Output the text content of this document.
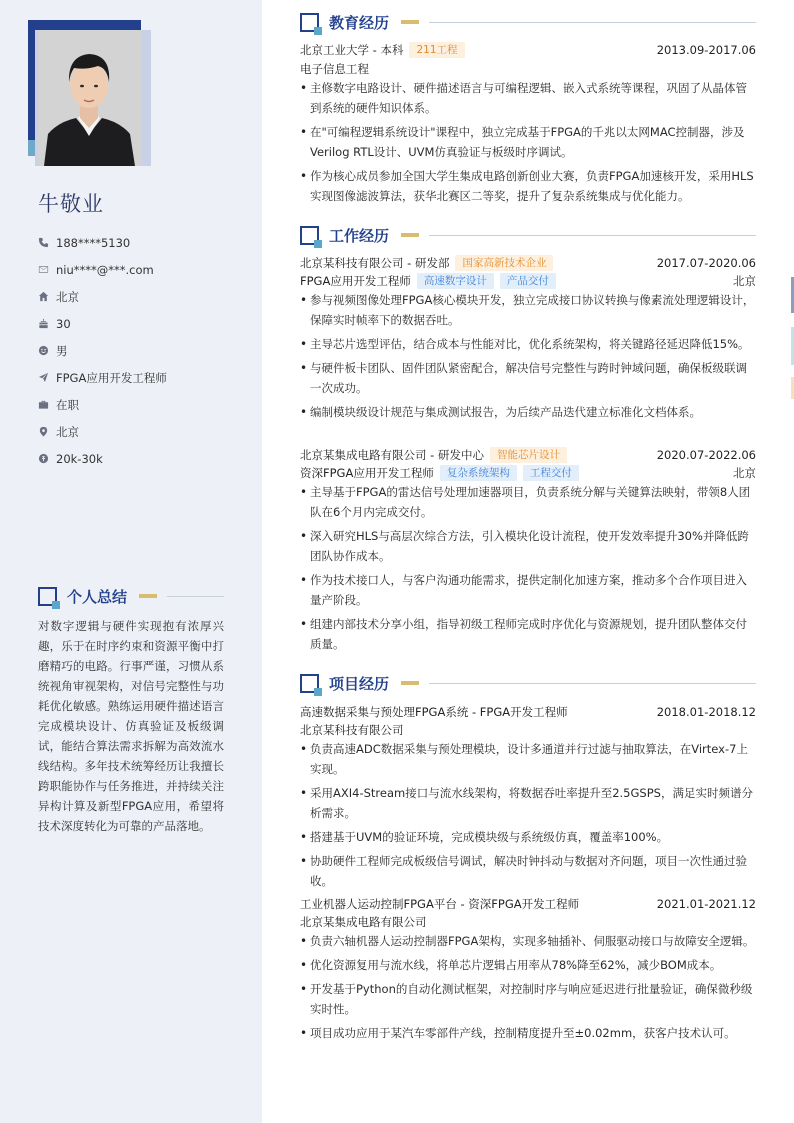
牛敬业
188****5130
niu****@***.com
北京
30
男
FPGA应用开发工程师
在职
北京
20k-30k
个人总结

对数字逻辑与硬件实现抱有浓厚兴趣，乐于在时序约束和资源平衡中打磨精巧的电路。行事严谨，习惯从系统视角审视架构，对信号完整性与功耗优化敏感。熟练运用硬件描述语言完成模块设计、仿真验证及板级调试，能结合算法需求拆解为高效流水线结构。多年技术统筹经历让我擅长跨职能协作与任务推进，并持续关注异构计算及新型FPGA应用，希望将技术深度转化为可靠的产品落地。

教育经历
北京工业大学 - 本科	211工程	2013.09-2017.06
电子信息工程
• 主修数字电路设计、硬件描述语言与可编程逻辑、嵌入式系统等课程，巩固了从晶体管到系统的硬件知识体系。
• 在"可编程逻辑系统设计"课程中，独立完成基于FPGA的千兆以太网MAC控制器，涉及Verilog RTL设计、UVM仿真验证与板级时序调试。
• 作为核心成员参加全国大学生集成电路创新创业大赛，负责FPGA加速核开发，采用HLS实现图像滤波算法，获华北赛区二等奖，提升了复杂系统集成与优化能力。
工作经历
北京某科技有限公司 - 研发部	国家高新技术企业	2017.07-2020.06
FPGA应用开发工程师	高速数字设计	产品交付	北京
• 参与视频图像处理FPGA核心模块开发，独立完成接口协议转换与像素流处理逻辑设计，保障实时帧率下的数据吞吐。
• 主导芯片选型评估，结合成本与性能对比，优化系统架构，将关键路径延迟降低15%。
• 与硬件板卡团队、固件团队紧密配合，解决信号完整性与跨时钟域问题，确保板级联调一次成功。
• 编制模块级设计规范与集成测试报告，为后续产品迭代建立标准化文档体系。
北京某集成电路有限公司 - 研发中心	智能芯片设计	2020.07-2022.06
资深FPGA应用开发工程师	复杂系统架构	工程交付	北京
• 主导基于FPGA的雷达信号处理加速器项目，负责系统分解与关键算法映射，带领8人团队在6个月内完成交付。
• 深入研究HLS与高层次综合方法，引入模块化设计流程，使开发效率提升30%并降低跨团队协作成本。
• 作为技术接口人，与客户沟通功能需求，提供定制化加速方案，推动多个合作项目进入量产阶段。
• 组建内部技术分享小组，指导初级工程师完成时序优化与资源规划，提升团队整体交付质量。
项目经历
高速数据采集与预处理FPGA系统 - FPGA开发工程师	2018.01-2018.12
北京某科技有限公司
• 负责高速ADC数据采集与预处理模块，设计多通道并行过滤与抽取算法，在Virtex-7上实现。
• 采用AXI4-Stream接口与流水线架构，将数据吞吐率提升至2.5GSPS，满足实时频谱分析需求。
• 搭建基于UVM的验证环境，完成模块级与系统级仿真，覆盖率100%。
• 协助硬件工程师完成板级信号调试，解决时钟抖动与数据对齐问题，项目一次性通过验收。
工业机器人运动控制FPGA平台 - 资深FPGA开发工程师	2021.01-2021.12
北京某集成电路有限公司
• 负责六轴机器人运动控制器FPGA架构，实现多轴插补、伺服驱动接口与故障安全逻辑。
• 优化资源复用与流水线，将单芯片逻辑占用率从78%降至62%，减少BOM成本。
• 开发基于Python的自动化测试框架，对控制时序与响应延迟进行批量验证，确保微秒级实时性。
• 项目成功应用于某汽车零部件产线，控制精度提升至±0.02mm，获客户技术认可。
